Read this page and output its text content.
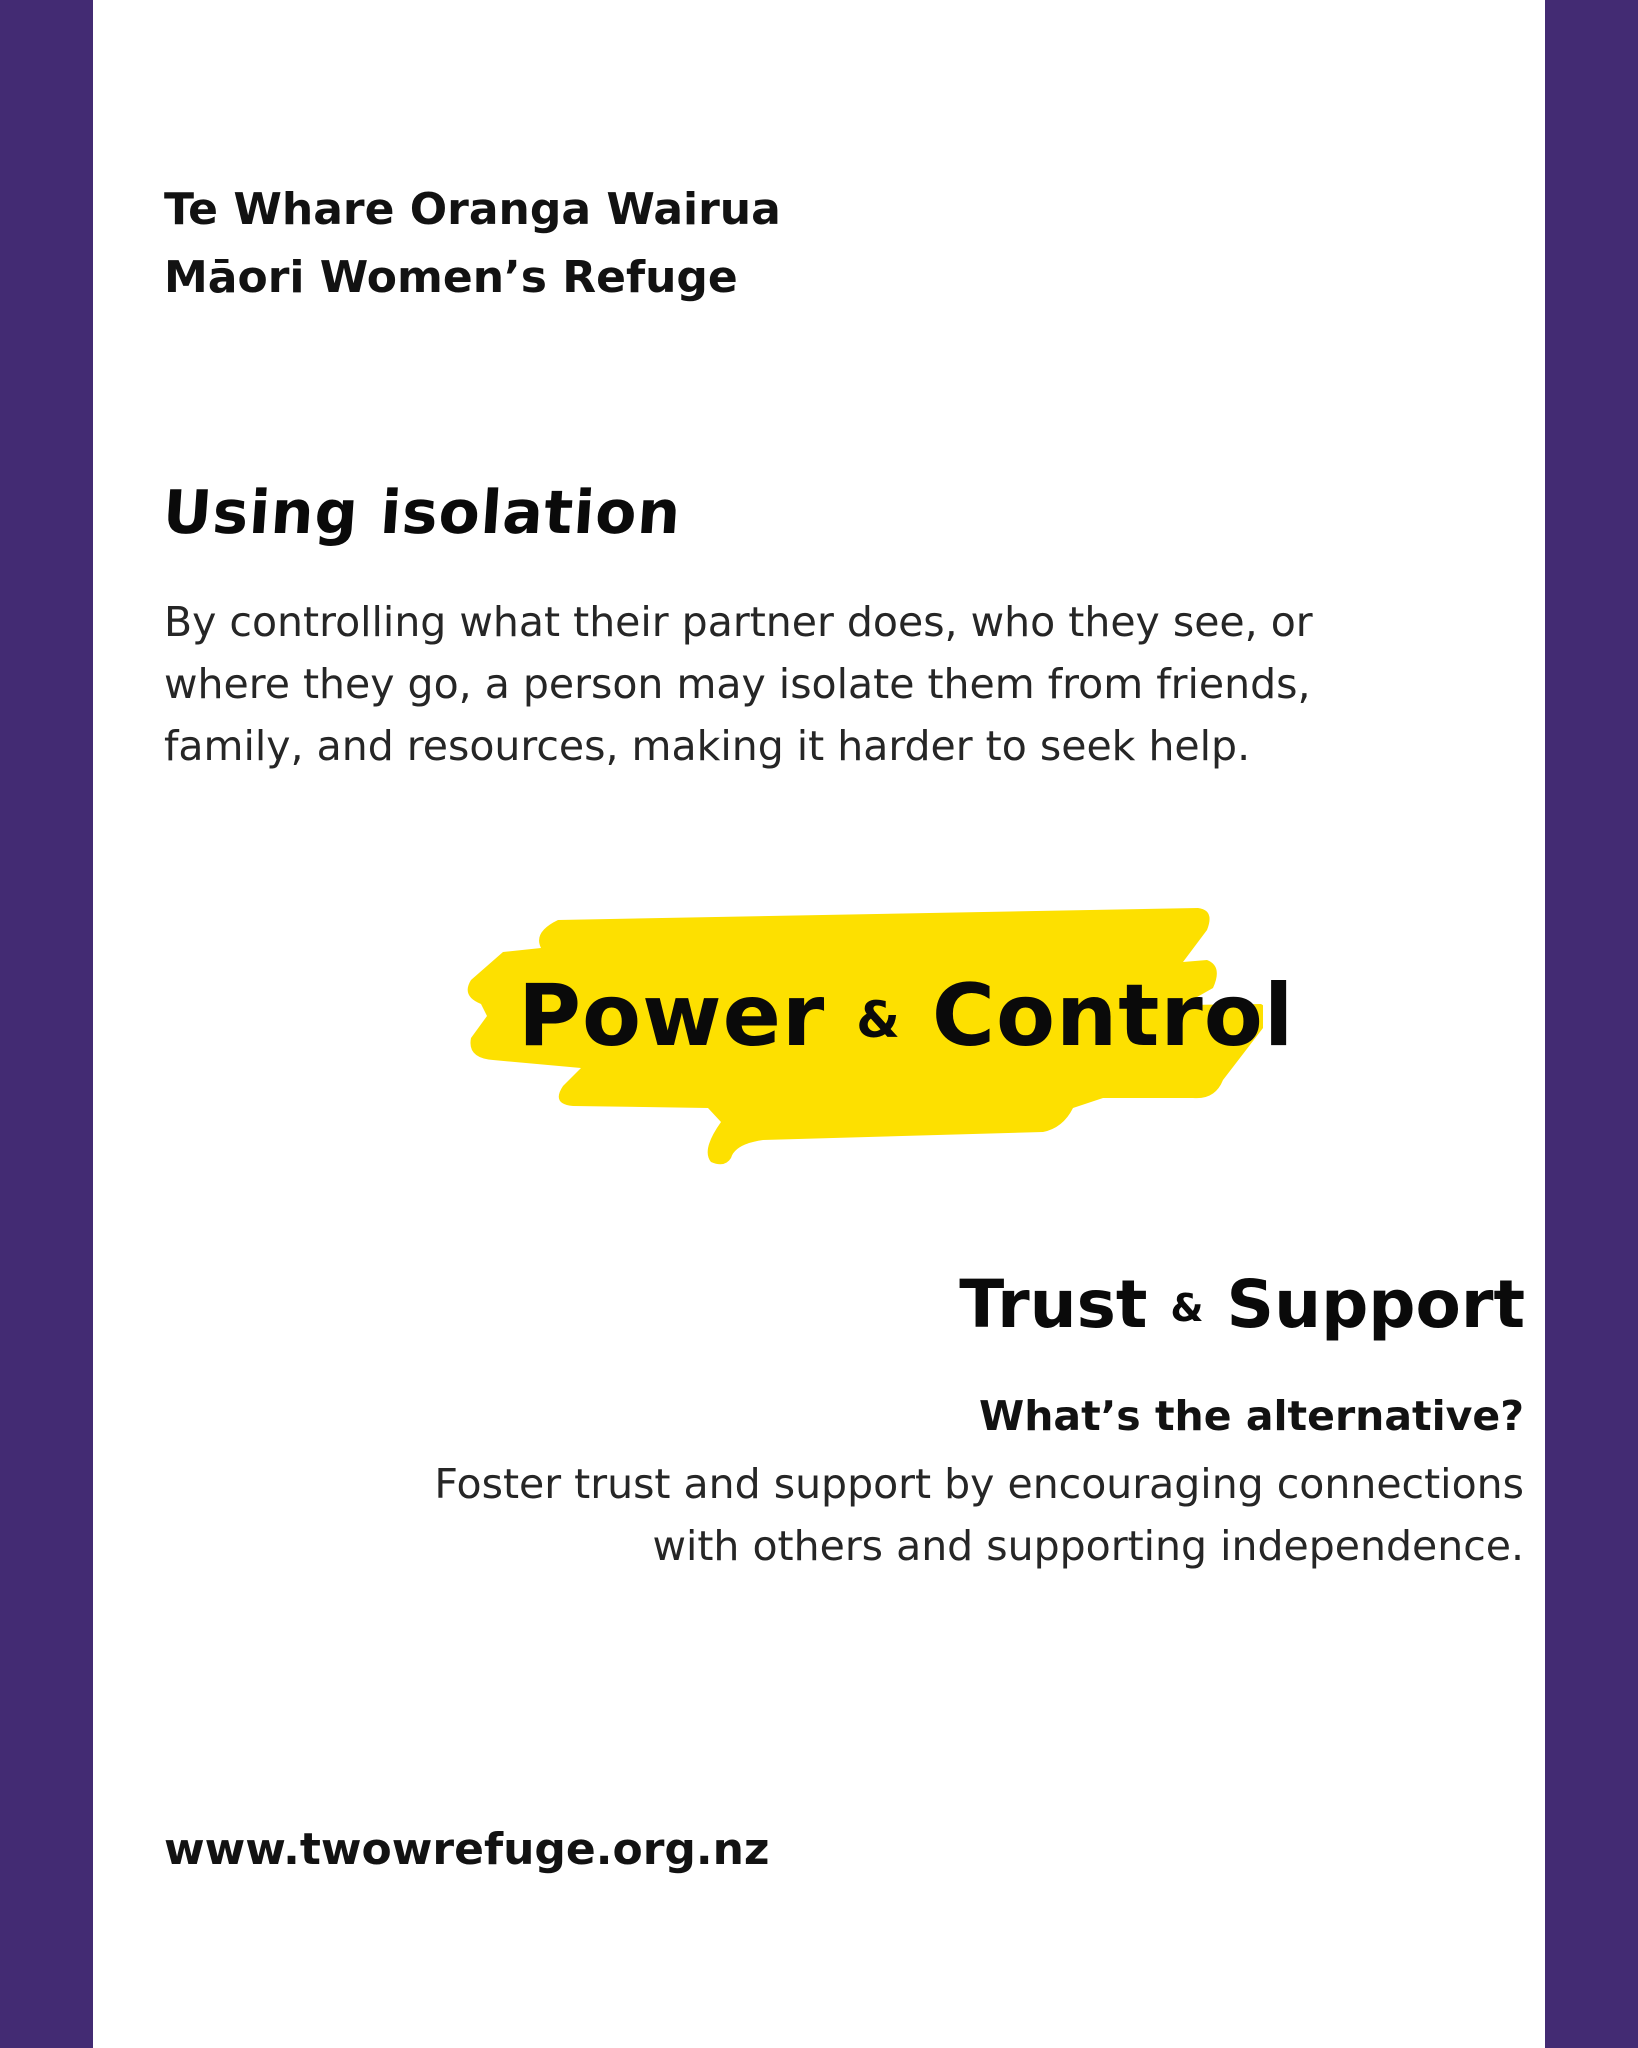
Te Whare Oranga Wairua
Māori Women’s Refuge
Using isolation
By controlling what their partner does, who they see, or
where they go, a person may isolate them from friends,
family, and resources, making it harder to seek help.
Power & Control
Trust & Support
What’s the alternative?
Foster trust and support by encouraging connections
with others and supporting independence.
www.twowrefuge.org.nz
